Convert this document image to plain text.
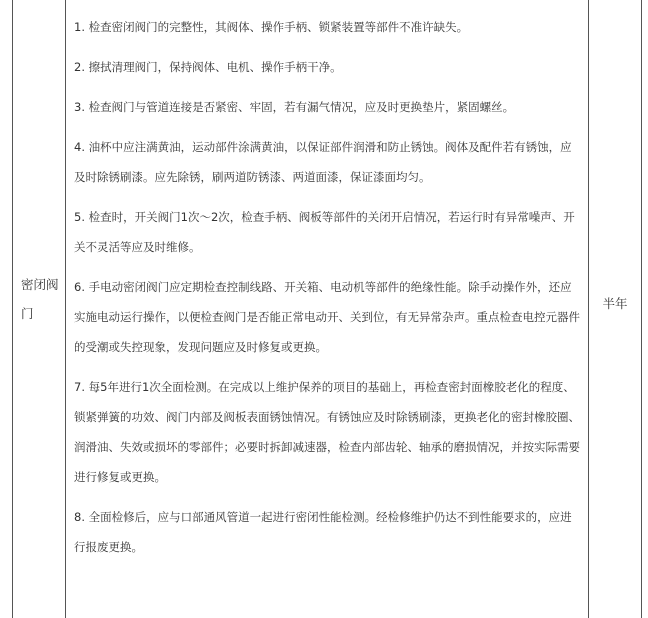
密闭阀
门

1. 检查密闭阀门的完整性，其阀体、操作手柄、锁紧装置等部件不准许缺失。

2. 擦拭清理阀门，保持阀体、电机、操作手柄干净。

3. 检查阀门与管道连接是否紧密、牢固，若有漏气情况，应及时更换垫片，紧固螺丝。

4. 油杯中应注满黄油，运动部件涂满黄油，以保证部件润滑和防止锈蚀。阀体及配件若有锈蚀，应及时除锈刷漆。应先除锈，刷两道防锈漆、两道面漆，保证漆面均匀。

5. 检查时，开关阀门1次～2次，检查手柄、阀板等部件的关闭开启情况，若运行时有异常噪声、开关不灵活等应及时维修。

6. 手电动密闭阀门应定期检查控制线路、开关箱、电动机等部件的绝缘性能。除手动操作外，还应实施电动运行操作，以便检查阀门是否能正常电动开、关到位，有无异常杂声。重点检查电控元器件的受潮或失控现象，发现问题应及时修复或更换。

7. 每5年进行1次全面检测。在完成以上维护保养的项目的基础上，再检查密封面橡胶老化的程度、锁紧弹簧的功效、阀门内部及阀板表面锈蚀情况。有锈蚀应及时除锈刷漆，更换老化的密封橡胶圈、润滑油、失效或损坏的零部件；必要时拆卸减速器，检查内部齿轮、轴承的磨损情况，并按实际需要进行修复或更换。

8. 全面检修后，应与口部通风管道一起进行密闭性能检测。经检修维护仍达不到性能要求的，应进行报废更换。

半年
